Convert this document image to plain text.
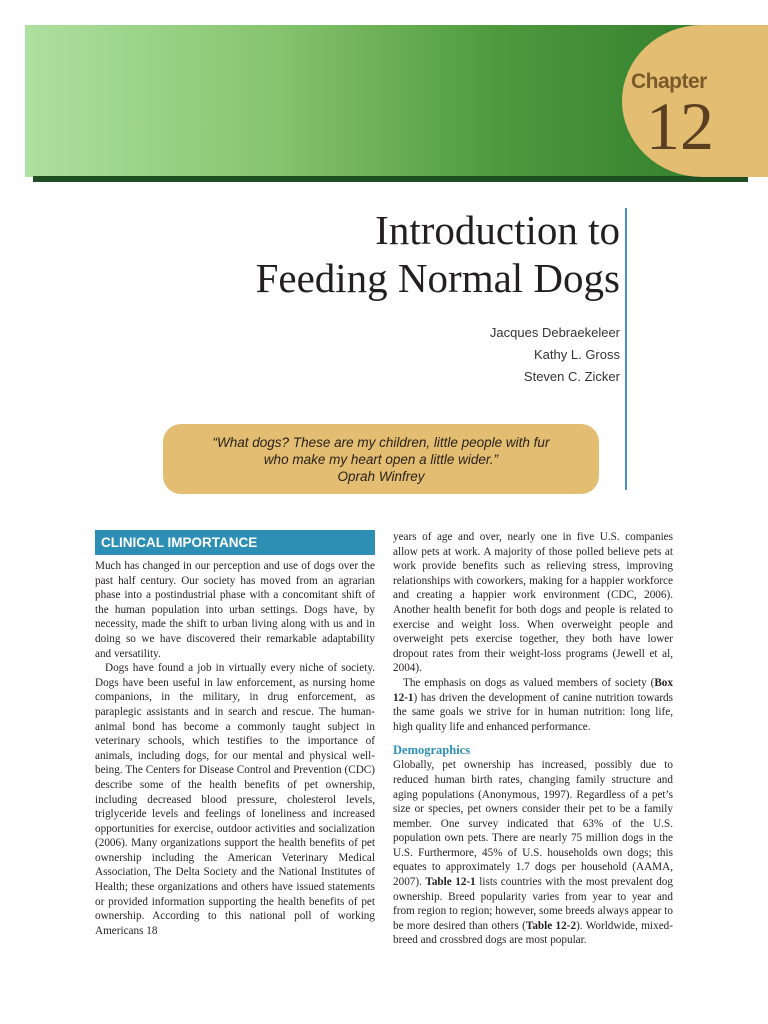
Chapter
12
Introduction to
Feeding Normal Dogs
Jacques Debraekeleer
Kathy L. Gross
Steven C. Zicker
“What dogs? These are my children, little people with fur
who make my heart open a little wider.”
Oprah Winfrey
CLINICAL IMPORTANCE

Much has changed in our perception and use of dogs over the past half century. Our society has moved from an agrarian phase into a postindustrial phase with a concomitant shift of the human population into urban settings. Dogs have, by necessity, made the shift to urban living along with us and in doing so we have discovered their remarkable adaptability and versatility.

Dogs have found a job in virtually every niche of society. Dogs have been useful in law enforcement, as nursing home companions, in the military, in drug enforcement, as paraplegic assistants and in search and rescue. The human-animal bond has become a commonly taught subject in veterinary schools, which testifies to the importance of animals, including dogs, for our mental and physical well-being. The Centers for Disease Control and Prevention (CDC) describe some of the health benefits of pet ownership, including decreased blood pressure, cholesterol levels, triglyceride levels and feelings of loneliness and increased opportunities for exercise, outdoor activities and socialization (2006). Many organizations support the health benefits of pet ownership including the American Veterinary Medical Association, The Delta Society and the National Institutes of Health; these organizations and others have issued statements or provided information supporting the health benefits of pet ownership. According to this national poll of working Americans 18

years of age and over, nearly one in five U.S. companies allow pets at work. A majority of those polled believe pets at work provide benefits such as relieving stress, improving relationships with coworkers, making for a happier workforce and creating a happier work environment (CDC, 2006). Another health benefit for both dogs and people is related to exercise and weight loss. When overweight people and overweight pets exercise together, they both have lower dropout rates from their weight-loss programs (Jewell et al, 2004).

The emphasis on dogs as valued members of society (Box 12-1) has driven the development of canine nutrition towards the same goals we strive for in human nutrition: long life, high quality life and enhanced performance.

Demographics

Globally, pet ownership has increased, possibly due to reduced human birth rates, changing family structure and aging populations (Anonymous, 1997). Regardless of a pet’s size or species, pet owners consider their pet to be a family member. One survey indicated that 63% of the U.S. population own pets. There are nearly 75 million dogs in the U.S. Furthermore, 45% of U.S. households own dogs; this equates to approximately 1.7 dogs per household (AAMA, 2007). Table 12-1 lists countries with the most prevalent dog ownership. Breed popularity varies from year to year and from region to region; however, some breeds always appear to be more desired than others (Table 12-2). Worldwide, mixed-breed and crossbred dogs are most popular.
